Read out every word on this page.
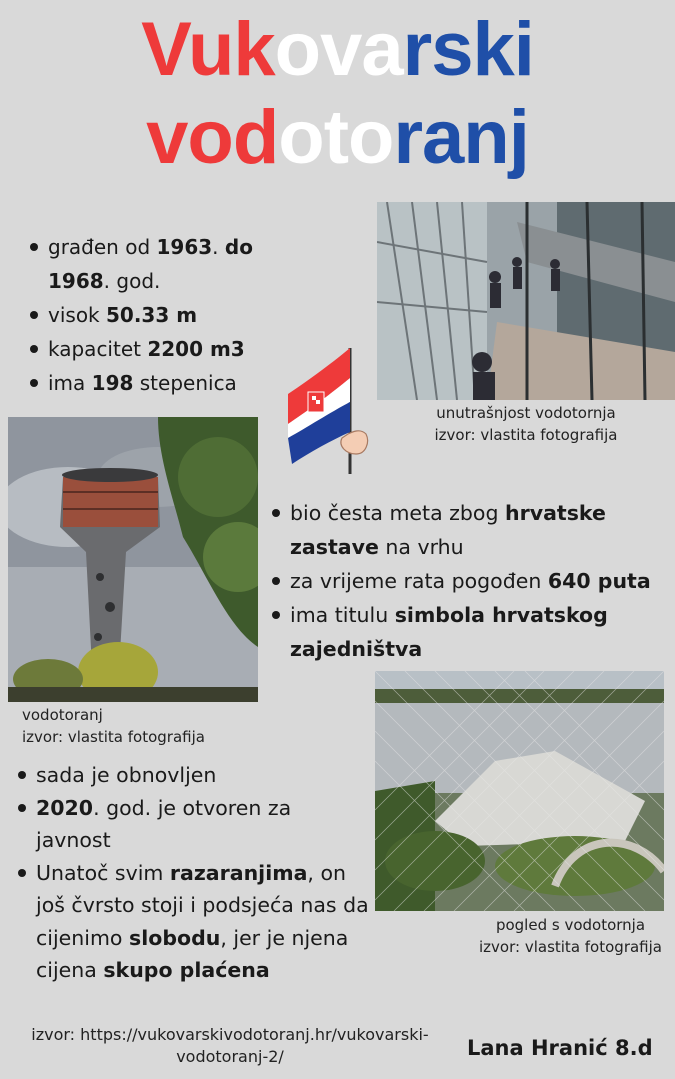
Vukovarski
vodotoranj
građen od 1963. do
1968. god.
visok 50.33 m
kapacitet 2200 m3
ima 198 stepenica
unutrašnjost vodotornja
izvor: vlastita fotografija
vodotoranj
izvor: vlastita fotografija
bio česta meta zbog hrvatske zastave na vrhu
za vrijeme rata pogođen 640 puta
ima titulu simbola hrvatskog zajedništva
pogled s vodotornja
izvor: vlastita fotografija
sada je obnovljen
2020. god. je otvoren za javnost
Unatoč svim razaranjima, on još čvrsto stoji i podsjeća nas da cijenimo slobodu, jer je njena cijena skupo plaćena
izvor: https://vukovarskivodotoranj.hr/vukovarski-
vodotoranj-2/	Lana Hranić 8.d
